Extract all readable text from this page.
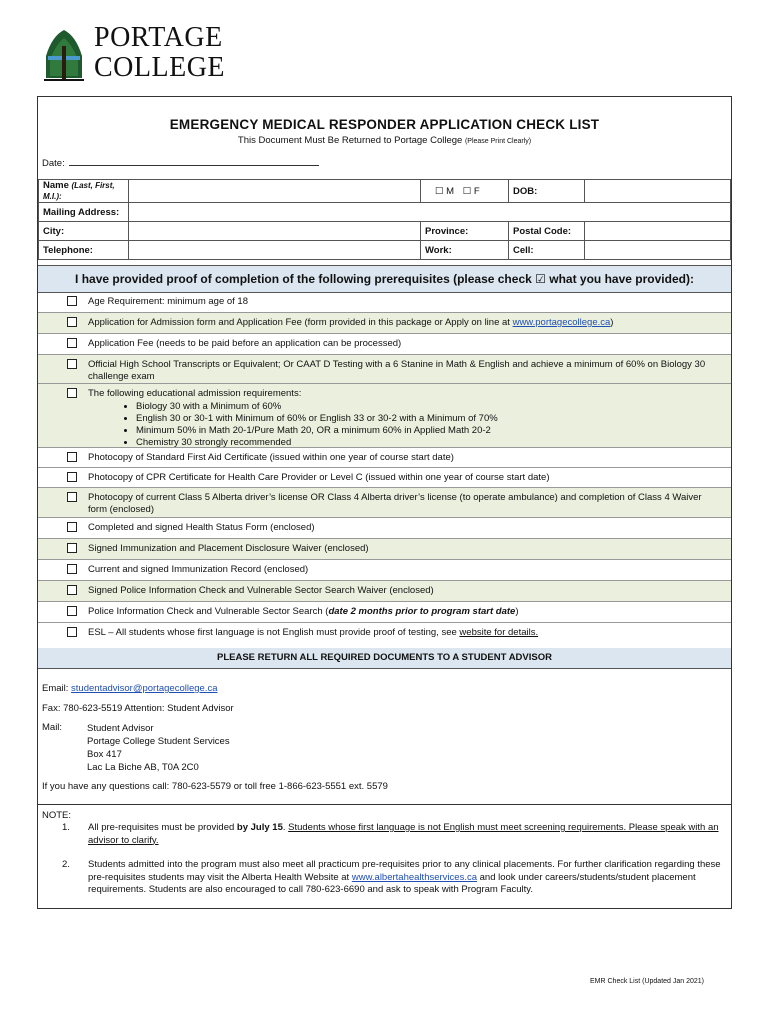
PORTAGE
COLLEGE
EMERGENCY MEDICAL RESPONDER APPLICATION CHECK LIST
This Document Must Be Returned to Portage College (Please Print Clearly)
Date:
Name (Last, First, M.I.):		☐ M ☐ F	DOB:	
Mailing Address:				
City:		Province:	Postal Code:	
Telephone:		Work:	Cell:	
I have provided proof of completion of the following prerequisites (please check ☑ what you have provided):
Age Requirement: minimum age of 18
Application for Admission form and Application Fee (form provided in this package or Apply on line at www.portagecollege.ca)
Application Fee (needs to be paid before an application can be processed)
Official High School Transcripts or Equivalent; Or CAAT D Testing with a 6 Stanine in Math & English and achieve a minimum of 60% on Biology 30 challenge exam
The following educational admission requirements:
• Biology 30 with a Minimum of 60%
• English 30 or 30-1 with Minimum of 60% or English 33 or 30-2 with a Minimum of 70%
• Minimum 50% in Math 20-1/Pure Math 20, OR a minimum 60% in Applied Math 20-2
• Chemistry 30 strongly recommended
Photocopy of Standard First Aid Certificate (issued within one year of course start date)
Photocopy of CPR Certificate for Health Care Provider or Level C (issued within one year of course start date)
Photocopy of current Class 5 Alberta driver’s license OR Class 4 Alberta driver’s license (to operate ambulance) and completion of Class 4 Waiver form (enclosed)
Completed and signed Health Status Form (enclosed)
Signed Immunization and Placement Disclosure Waiver (enclosed)
Current and signed Immunization Record (enclosed)
Signed Police Information Check and Vulnerable Sector Search Waiver (enclosed)
Police Information Check and Vulnerable Sector Search (date 2 months prior to program start date)
ESL – All students whose first language is not English must provide proof of testing, see website for details.
PLEASE RETURN ALL REQUIRED DOCUMENTS TO A STUDENT ADVISOR
Email: studentadvisor@portagecollege.ca
Fax: 780-623-5519 Attention: Student Advisor
Mail:	Student Advisor
Portage College Student Services
Box 417
Lac La Biche AB, T0A 2C0
If you have any questions call: 780-623-5579 or toll free 1-866-623-5551 ext. 5579
NOTE:
1. All pre-requisites must be provided by July 15. Students whose first language is not English must meet screening requirements. Please speak with an advisor to clarify.
2. Students admitted into the program must also meet all practicum pre-requisites prior to any clinical placements. For further clarification regarding these pre-requisites students may visit the Alberta Health Website at www.albertahealthservices.ca and look under careers/students/student placement requirements. Students are also encouraged to call 780-623-6690 and ask to speak with Program Faculty.
EMR Check List (Updated Jan 2021)
